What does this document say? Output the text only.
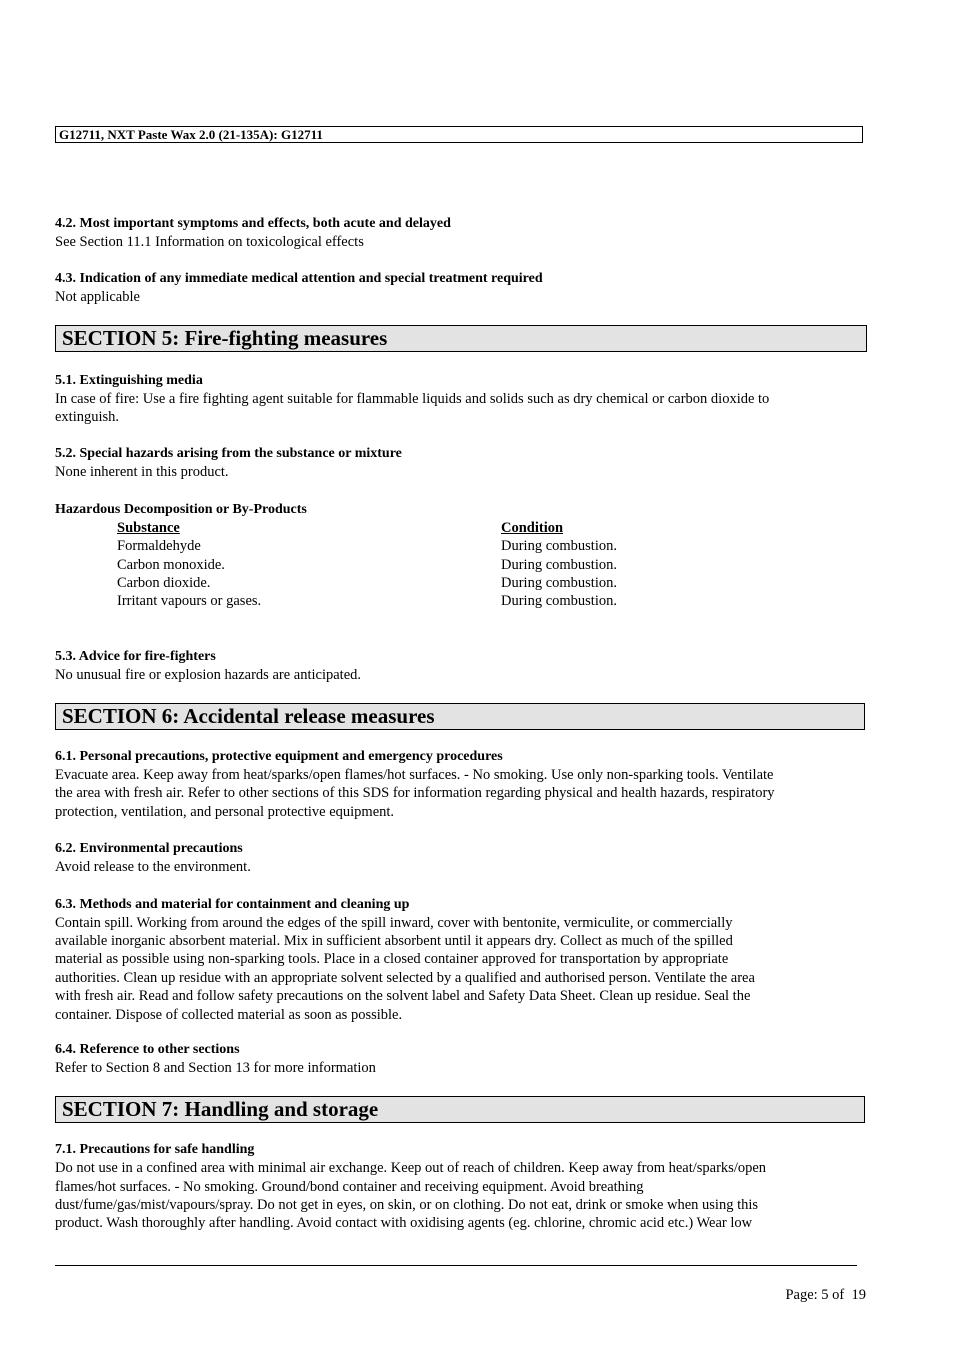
G12711, NXT Paste Wax 2.0 (21-135A): G12711
4.2. Most important symptoms and effects, both acute and delayed
See Section 11.1 Information on toxicological effects
4.3. Indication of any immediate medical attention and special treatment required
Not applicable
SECTION 5: Fire-fighting measures
5.1. Extinguishing media
In case of fire: Use a fire fighting agent suitable for flammable liquids and solids such as dry chemical or carbon dioxide to
extinguish.
5.2. Special hazards arising from the substance or mixture
None inherent in this product.
Hazardous Decomposition or By-Products
Substance	Condition
Formaldehyde	During combustion.
Carbon monoxide.	During combustion.
Carbon dioxide.	During combustion.
Irritant vapours or gases.	During combustion.
5.3. Advice for fire-fighters
No unusual fire or explosion hazards are anticipated.
SECTION 6: Accidental release measures
6.1. Personal precautions, protective equipment and emergency procedures
Evacuate area. Keep away from heat/sparks/open flames/hot surfaces. - No smoking. Use only non-sparking tools. Ventilate
the area with fresh air. Refer to other sections of this SDS for information regarding physical and health hazards, respiratory
protection, ventilation, and personal protective equipment.
6.2. Environmental precautions
Avoid release to the environment.
6.3. Methods and material for containment and cleaning up
Contain spill. Working from around the edges of the spill inward, cover with bentonite, vermiculite, or commercially
available inorganic absorbent material. Mix in sufficient absorbent until it appears dry. Collect as much of the spilled
material as possible using non-sparking tools. Place in a closed container approved for transportation by appropriate
authorities. Clean up residue with an appropriate solvent selected by a qualified and authorised person. Ventilate the area
with fresh air. Read and follow safety precautions on the solvent label and Safety Data Sheet. Clean up residue. Seal the
container. Dispose of collected material as soon as possible.
6.4. Reference to other sections
Refer to Section 8 and Section 13 for more information
SECTION 7: Handling and storage
7.1. Precautions for safe handling
Do not use in a confined area with minimal air exchange. Keep out of reach of children. Keep away from heat/sparks/open
flames/hot surfaces. - No smoking. Ground/bond container and receiving equipment. Avoid breathing
dust/fume/gas/mist/vapours/spray. Do not get in eyes, on skin, or on clothing. Do not eat, drink or smoke when using this
product. Wash thoroughly after handling. Avoid contact with oxidising agents (eg. chlorine, chromic acid etc.) Wear low
Page: 5 of  19
